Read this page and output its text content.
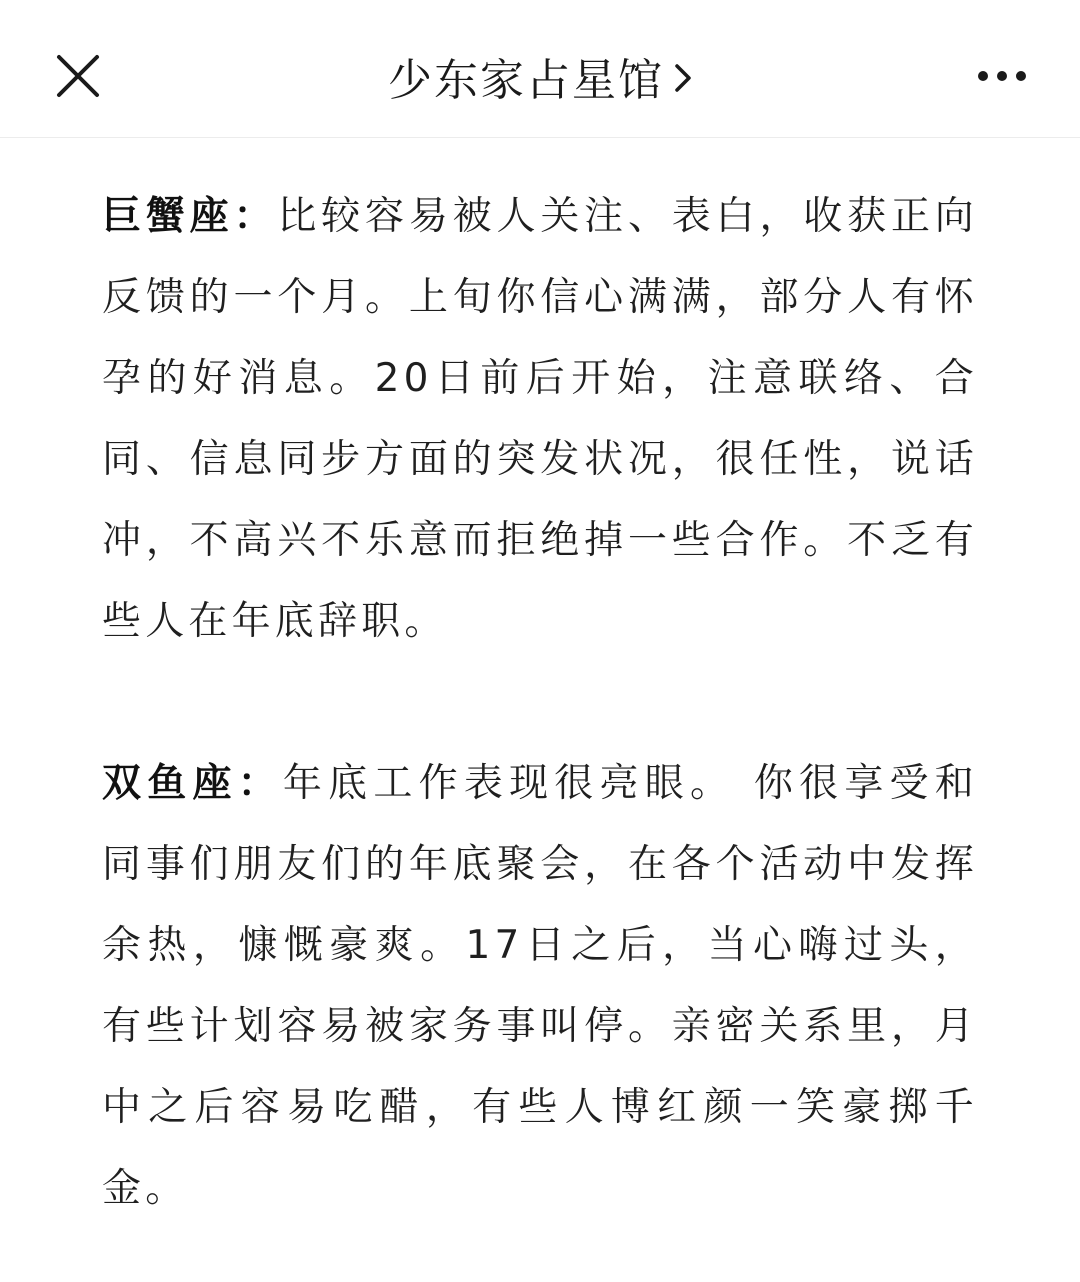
少东家占星馆

巨蟹座：比较容易被人关注、表白，收获正向反馈的一个月。上旬你信心满满，部分人有怀孕的好消息。20日前后开始，注意联络、合同、信息同步方面的突发状况，很任性，说话冲，不高兴不乐意而拒绝掉一些合作。不乏有些人在年底辞职。

双鱼座：年底工作表现很亮眼。 你很享受和同事们朋友们的年底聚会，在各个活动中发挥余热，慷慨豪爽。17日之后，当心嗨过头，有些计划容易被家务事叫停。亲密关系里，月中之后容易吃醋，有些人博红颜一笑豪掷千金。
